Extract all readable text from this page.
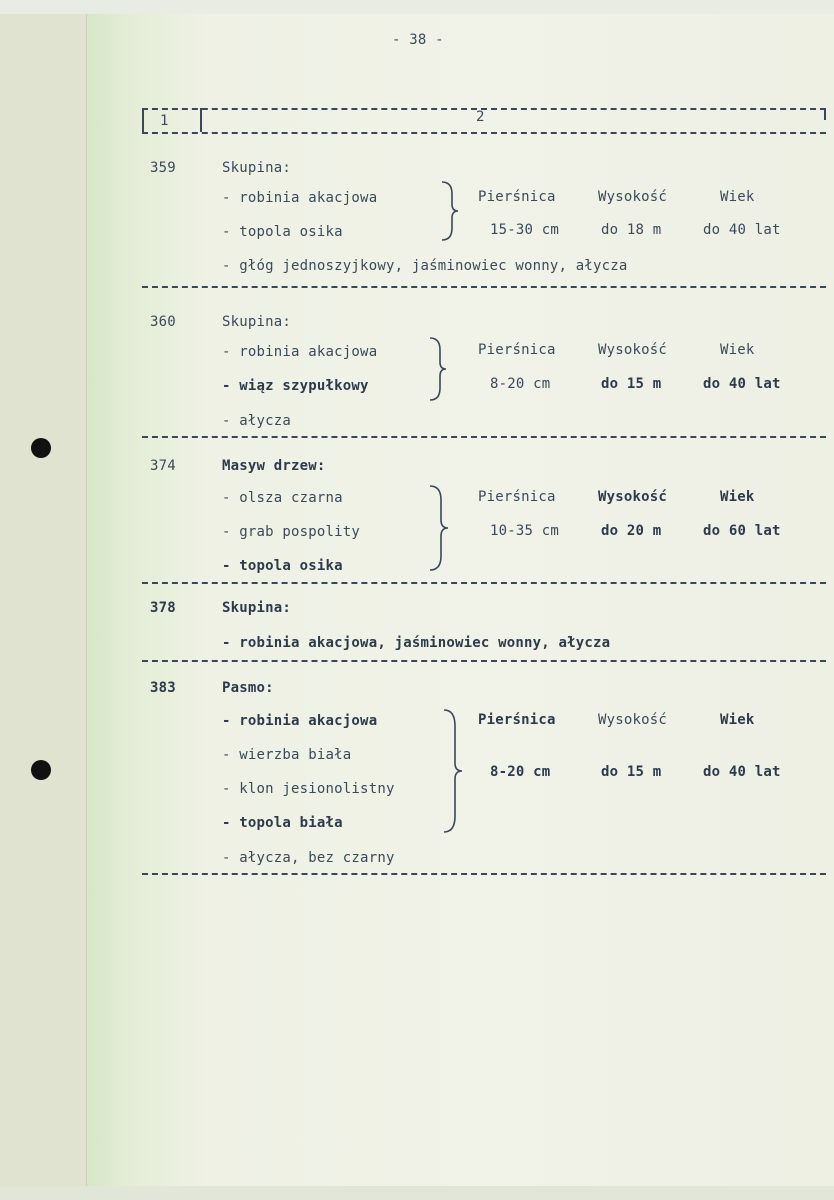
- 38 -
1	2
359	Skupina:
- robinia akacjowa
- topola osika
- głóg jednoszyjkowy, jaśminowiec wonny, ałycza
Pierśnica	Wysokość	Wiek
15-30 cm	do 18 m	do 40 lat
360	Skupina:
- robinia akacjowa
- wiąz szypułkowy
- ałycza
Pierśnica	Wysokość	Wiek
8-20 cm	do 15 m	do 40 lat
374	Masyw drzew:
- olsza czarna
- grab pospolity
- topola osika
Pierśnica	Wysokość	Wiek
10-35 cm	do 20 m	do 60 lat
378	Skupina:
- robinia akacjowa, jaśminowiec wonny, ałycza
383	Pasmo:
- robinia akacjowa
- wierzba biała
- klon jesionolistny
- topola biała
- ałycza, bez czarny
Pierśnica	Wysokość	Wiek
8-20 cm	do 15 m	do 40 lat
